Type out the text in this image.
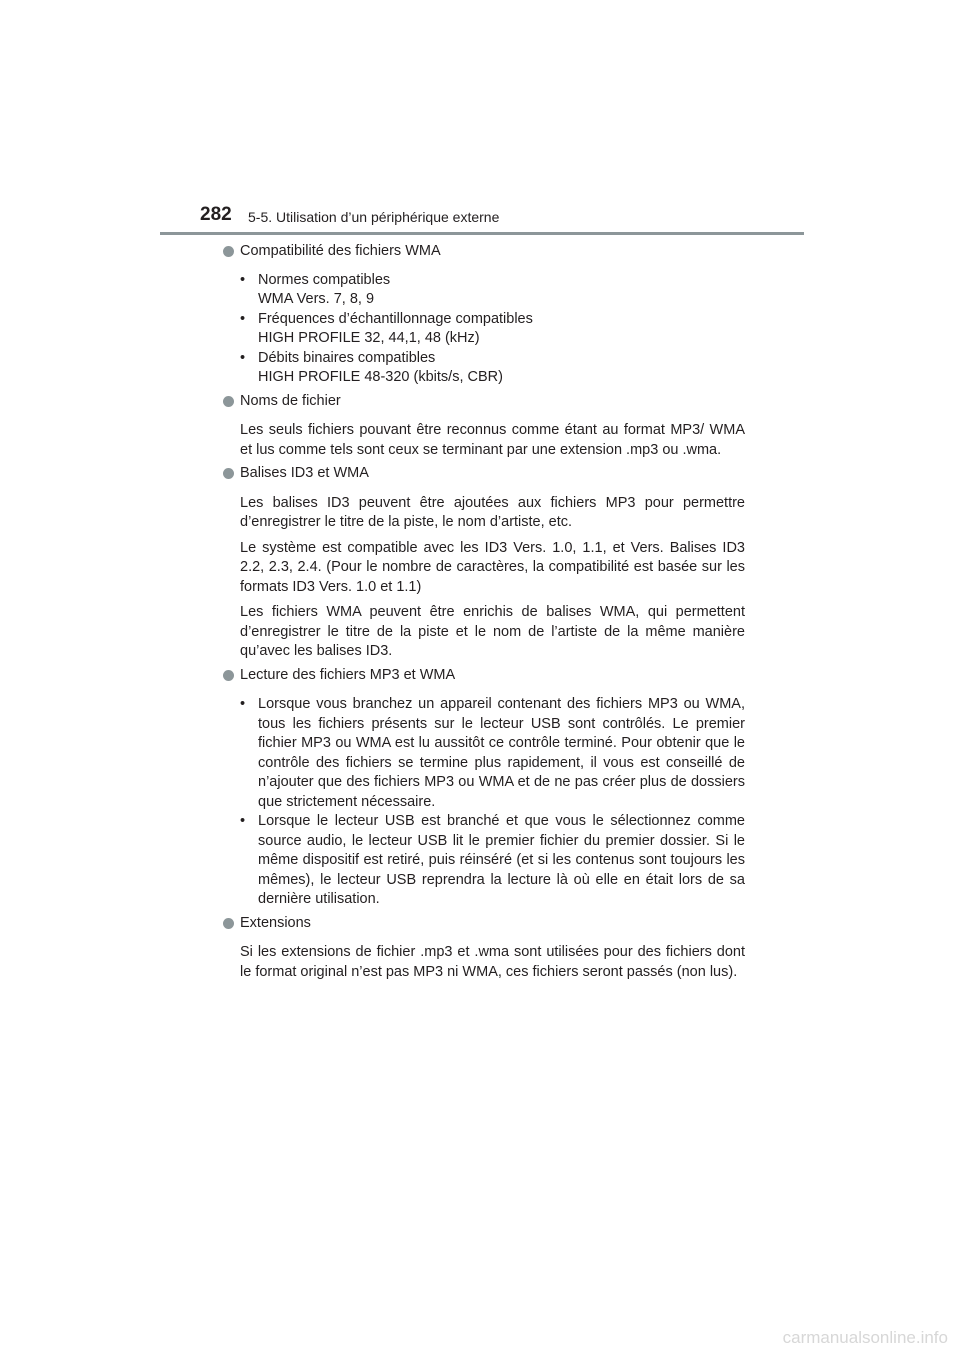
282 5-5. Utilisation d’un périphérique externe
Compatibilité des fichiers WMA
• Normes compatibles
WMA Vers. 7, 8, 9
• Fréquences d’échantillonnage compatibles
HIGH PROFILE 32, 44,1, 48 (kHz)
• Débits binaires compatibles
HIGH PROFILE 48-320 (kbits/s, CBR)
Noms de fichier

Les seuls fichiers pouvant être reconnus comme étant au format MP3/ WMA et lus comme tels sont ceux se terminant par une extension .mp3 ou .wma.

Balises ID3 et WMA

Les balises ID3 peuvent être ajoutées aux fichiers MP3 pour permettre d’enregistrer le titre de la piste, le nom d’artiste, etc.

Le système est compatible avec les ID3 Vers. 1.0, 1.1, et Vers. Balises ID3 2.2, 2.3, 2.4. (Pour le nombre de caractères, la compatibilité est basée sur les formats ID3 Vers. 1.0 et 1.1)

Les fichiers WMA peuvent être enrichis de balises WMA, qui permettent d’enregistrer le titre de la piste et le nom de l’artiste de la même manière qu’avec les balises ID3.

Lecture des fichiers MP3 et WMA
• Lorsque vous branchez un appareil contenant des fichiers MP3 ou WMA, tous les fichiers présents sur le lecteur USB sont contrôlés. Le premier fichier MP3 ou WMA est lu aussitôt ce contrôle terminé. Pour obtenir que le contrôle des fichiers se termine plus rapidement, il vous est conseillé de n’ajouter que des fichiers MP3 ou WMA et de ne pas créer plus de dossiers que strictement nécessaire.
• Lorsque le lecteur USB est branché et que vous le sélectionnez comme source audio, le lecteur USB lit le premier fichier du premier dossier. Si le même dispositif est retiré, puis réinséré (et si les contenus sont toujours les mêmes), le lecteur USB reprendra la lecture là où elle en était lors de sa dernière utilisation.
Extensions

Si les extensions de fichier .mp3 et .wma sont utilisées pour des fichiers dont le format original n’est pas MP3 ni WMA, ces fichiers seront passés (non lus).

carmanualsonline.info
